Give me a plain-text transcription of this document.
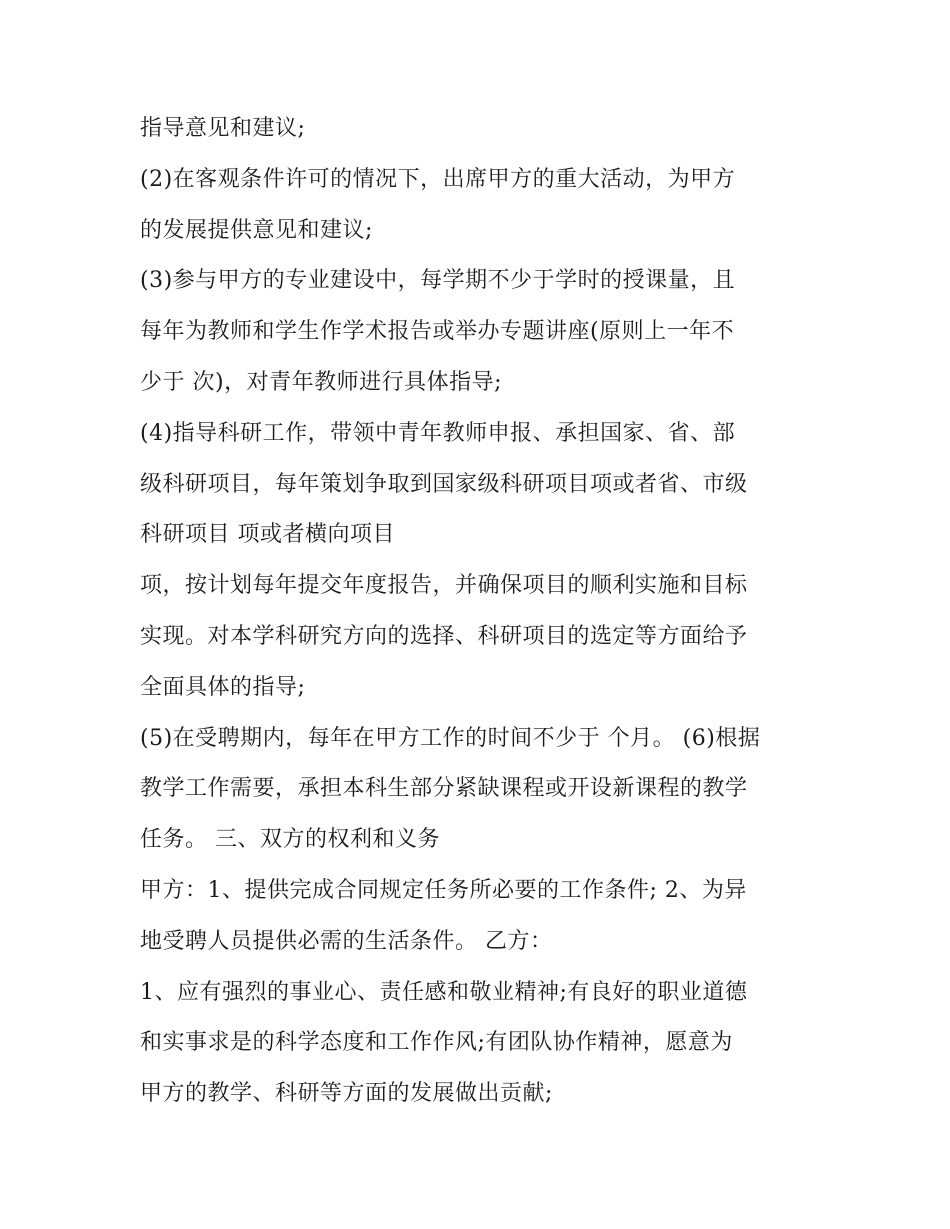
指导意见和建议;
(2)在客观条件许可的情况下，出席甲方的重大活动，为甲方
的发展提供意见和建议;
(3)参与甲方的专业建设中，每学期不少于学时的授课量，且
每年为教师和学生作学术报告或举办专题讲座(原则上一年不
少于 次)，对青年教师进行具体指导;
(4)指导科研工作，带领中青年教师申报、承担国家、省、部
级科研项目，每年策划争取到国家级科研项目项或者省、市级
科研项目 项或者横向项目
项，按计划每年提交年度报告，并确保项目的顺利实施和目标
实现。对本学科研究方向的选择、科研项目的选定等方面给予
全面具体的指导;
(5)在受聘期内，每年在甲方工作的时间不少于 个月。 (6)根据
教学工作需要，承担本科生部分紧缺课程或开设新课程的教学
任务。 三、双方的权利和义务
甲方：1、提供完成合同规定任务所必要的工作条件; 2、为异
地受聘人员提供必需的生活条件。 乙方：
1、应有强烈的事业心、责任感和敬业精神;有良好的职业道德
和实事求是的科学态度和工作作风;有团队协作精神，愿意为
甲方的教学、科研等方面的发展做出贡献;
